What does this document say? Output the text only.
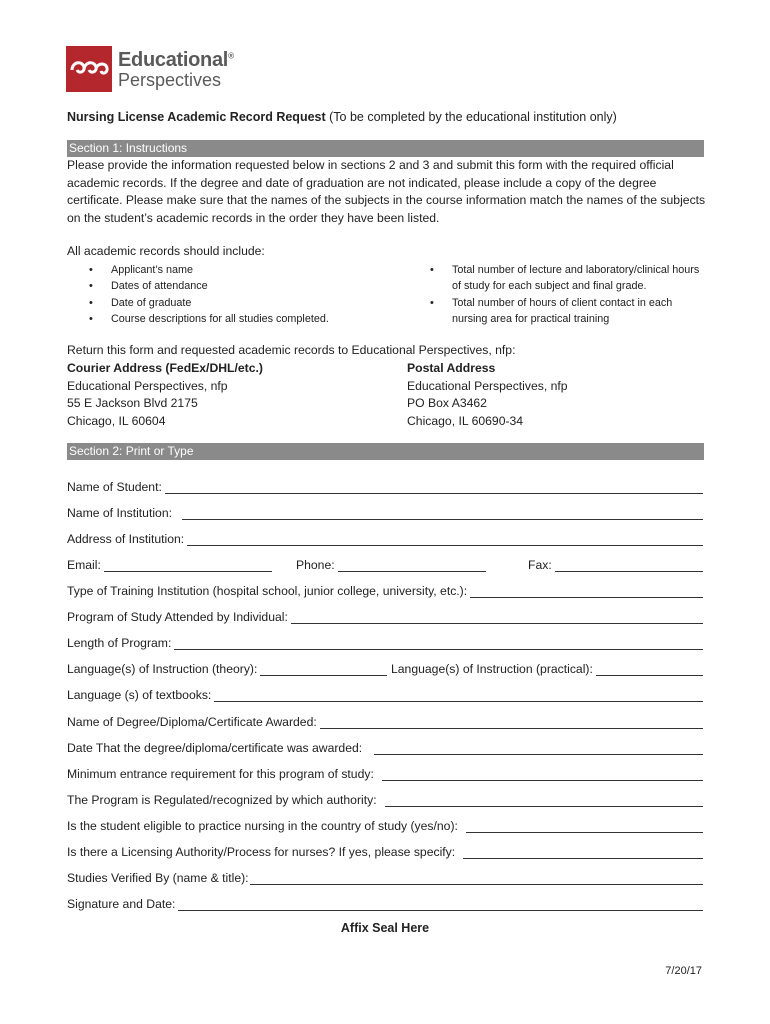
Educational®
Perspectives
Nursing License Academic Record Request (To be completed by the educational institution only)
Section 1: Instructions

Please provide the information requested below in sections 2 and 3 and submit this form with the required official academic records. If the degree and date of graduation are not indicated, please include a copy of the degree certificate. Please make sure that the names of the subjects in the course information match the names of the subjects on the student’s academic records in the order they have been listed.

All academic records should include:
• Applicant’s name
• Dates of attendance
• Date of graduate
• Course descriptions for all studies completed.
• Total number of lecture and laboratory/clinical hours of study for each subject and final grade.
• Total number of hours of client contact in each nursing area for practical training
Return this form and requested academic records to Educational Perspectives, nfp:
Courier Address (FedEx/DHL/etc.)
Educational Perspectives, nfp
55 E Jackson Blvd 2175
Chicago, IL 60604
Postal Address
Educational Perspectives, nfp
PO Box A3462
Chicago, IL 60690-34
Section 2: Print or Type
Name of Student:
Name of Institution:
Address of Institution:
Email:	Phone:	Fax:
Type of Training Institution (hospital school, junior college, university, etc.):
Program of Study Attended by Individual:
Length of Program:
Language(s) of Instruction (theory):	Language(s) of Instruction (practical):
Language (s) of textbooks:
Name of Degree/Diploma/Certificate Awarded:
Date That the degree/diploma/certificate was awarded:
Minimum entrance requirement for this program of study:
The Program is Regulated/recognized by which authority:
Is the student eligible to practice nursing in the country of study (yes/no):
Is there a Licensing Authority/Process for nurses? If yes, please specify:
Studies Verified By (name & title):
Signature and Date:
Affix Seal Here
7/20/17
